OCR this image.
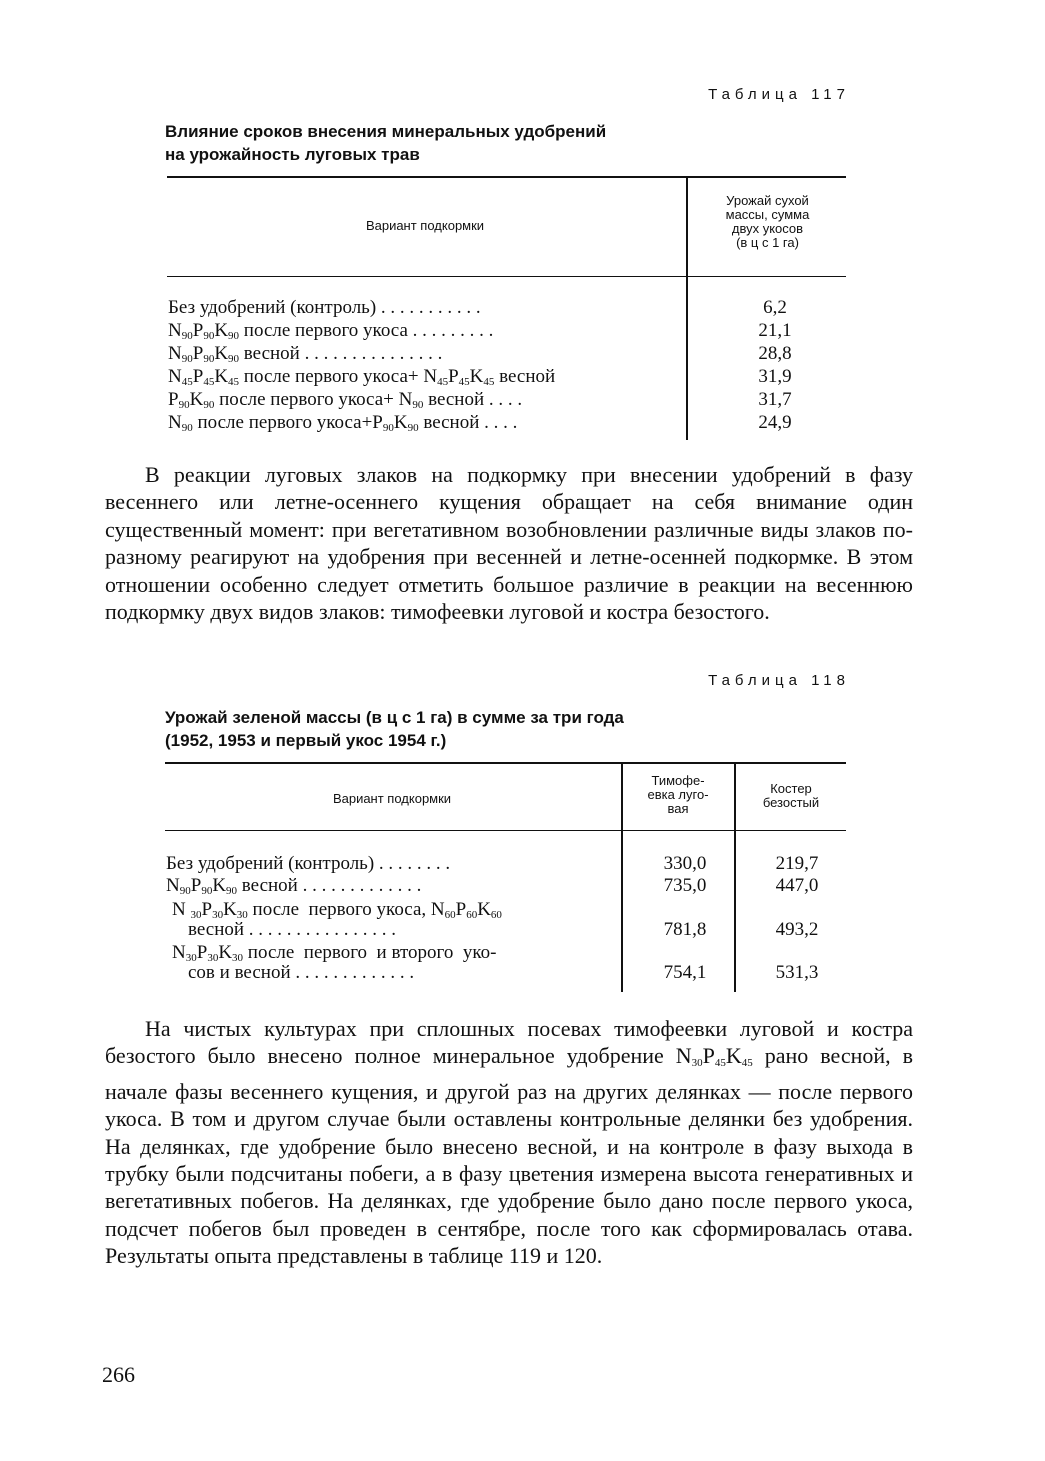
Таблица 117
Влияние сроков внесения минеральных удобрений
на урожайность луговых трав
Вариант подкормки
Урожай сухой
массы, сумма
двух укосов
(в ц с 1 га)
Без удобрений (контроль) . . . . . . . . . . .
$N_{90}P_{90}K_{90}$ после первого укоса . . . . . . . . .
$N_{90}P_{90}K_{90}$ весной . . . . . . . . . . . . . . .
$N_{45}P_{45}K_{45}$ после первого укоса+ $N_{45}P_{45}K_{45}$ весной
$P_{90}K_{90}$ после первого укоса+ $N_{90}$ весной . . . .
$N_{90}$ после первого $укоса+P_{90}K_{90}$ весной . . . .
6,2
21,1
28,8
31,9
31,7
24,9
В реакции луговых злаков на подкормку при внесении удобрений в фазу весеннего или летне-осеннего кущения обращает на себя внимание один существенный момент: при вегетативном возобновлении различные виды злаков по-разному реагируют на удобрения при весенней и летне-осенней подкормке. В этом отношении особенно следует отметить большое различие в реакции на весеннюю подкормку двух видов злаков: тимофеевки луговой и костра безостого.
Таблица 118
Урожай зеленой массы (в ц с 1 га) в сумме за три года
(1952, 1953 и первый укос 1954 г.)
Вариант подкормки
Тимофе-
евка луго-
вая
Костер
безостый
Без удобрений (контроль) . . . . . . . .
$N_{90}P_{90}K_{90}$ весной . . . . . . . . . . . . .
N $_{30}P_{30}K_{30}$ после  первого укоса, $N_{60}P_{60}K_{60}$
весной . . . . . . . . . . . . . . . .
$N_{30}P_{30}K_{30}$ после  первого  и второго  уко-
сов и весной . . . . . . . . . . . . .
330,0
735,0
781,8
754,1
219,7
447,0
493,2
531,3
На чистых культурах при сплошных посевах тимофеевки луговой и костра безостого было внесено полное минеральное удобрение $N_{30}P_{45}K_{45}$ рано весной, в начале фазы весеннего кущения, и другой раз на других делянках — после первого укоса. В том и другом случае были оставлены контрольные делянки без удобрения. На делянках, где удобрение было внесено весной, и на контроле в фазу выхода в трубку были подсчитаны побеги, а в фазу цветения измерена высота генеративных и вегетативных побегов. На делянках, где удобрение было дано после первого укоса, подсчет побегов был проведен в сентябре, после того как сформировалась отава. Результаты опыта представлены в таблице 119 и 120.
266
